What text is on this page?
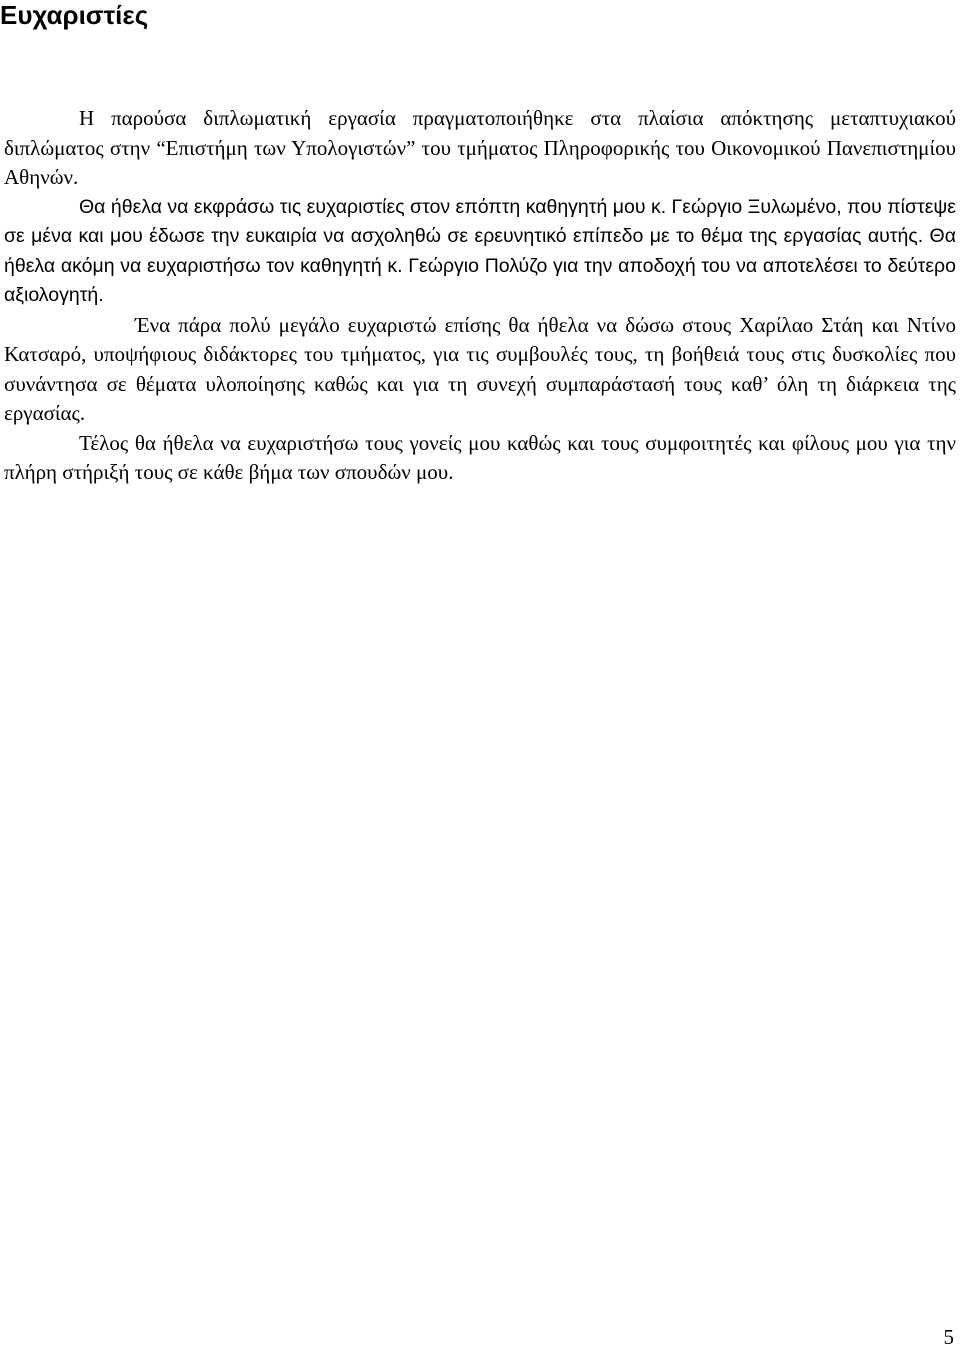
Ευχαριστίες

Η παρούσα διπλωματική εργασία πραγματοποιήθηκε στα πλαίσια απόκτησης μεταπτυχιακού διπλώματος στην “Επιστήμη των Υπολογιστών” του τμήματος Πληροφορικής του Οικονομικού Πανεπιστημίου Αθηνών.

Θα ήθελα να εκφράσω τις ευχαριστίες στον επόπτη καθηγητή μου κ. Γεώργιο Ξυλωμένο, που πίστεψε σε μένα και μου έδωσε την ευκαιρία να ασχοληθώ σε ερευνητικό επίπεδο με το θέμα της εργασίας αυτής. Θα ήθελα ακόμη να ευχαριστήσω τον καθηγητή κ. Γεώργιο Πολύζο για την αποδοχή του να αποτελέσει το δεύτερο αξιολογητή.

Ένα πάρα πολύ μεγάλο ευχαριστώ επίσης θα ήθελα να δώσω στους Χαρίλαο Στάη και Ντίνο Κατσαρό, υποψήφιους διδάκτορες του τμήματος, για τις συμβουλές τους, τη βοήθειά τους στις δυσκολίες που συνάντησα σε θέματα υλοποίησης καθώς και για τη συνεχή συμπαράστασή τους καθ’ όλη τη διάρκεια της εργασίας.

Τέλος θα ήθελα να ευχαριστήσω τους γονείς μου καθώς και τους συμφοιτητές και φίλους μου για την πλήρη στήριξή τους σε κάθε βήμα των σπουδών μου.

5
